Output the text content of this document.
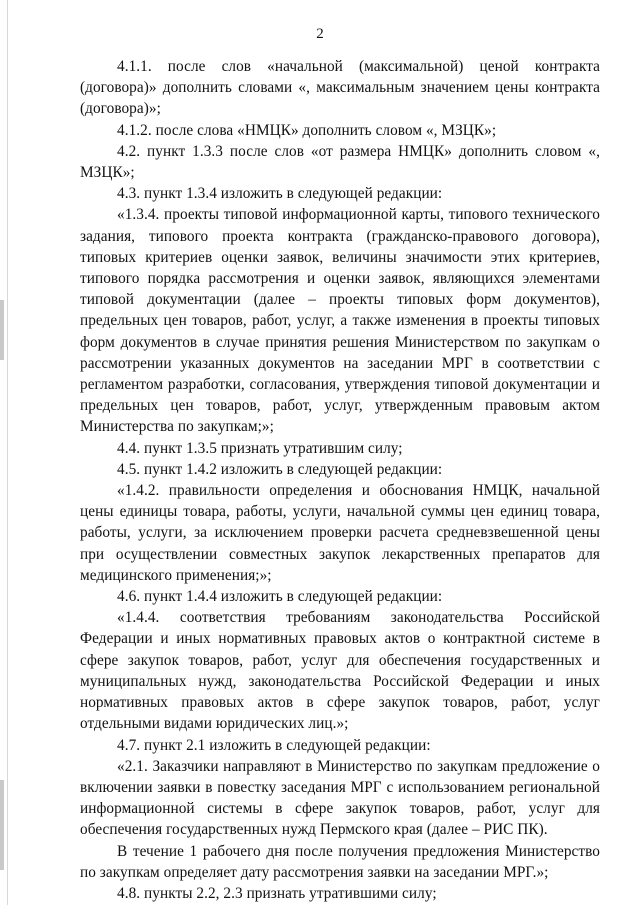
2

4.1.1. после слов «начальной (максимальной) ценой контракта (договора)» дополнить словами «, максимальным значением цены контракта (договора)»;

4.1.2. после слова «НМЦК» дополнить словом «, МЗЦК»;

4.2. пункт 1.3.3 после слов «от размера НМЦК» дополнить словом «, МЗЦК»;

4.3. пункт 1.3.4 изложить в следующей редакции:

«1.3.4. проекты типовой информационной карты, типового технического задания, типового проекта контракта (гражданско-правового договора), типовых критериев оценки заявок, величины значимости этих критериев, типового порядка рассмотрения и оценки заявок, являющихся элементами типовой документации (далее – проекты типовых форм документов), предельных цен товаров, работ, услуг, а также изменения в проекты типовых форм документов в случае принятия решения Министерством по закупкам о рассмотрении указанных документов на заседании МРГ в соответствии с регламентом разработки, согласования, утверждения типовой документации и предельных цен товаров, работ, услуг, утвержденным правовым актом Министерства по закупкам;»;

4.4. пункт 1.3.5 признать утратившим силу;

4.5. пункт 1.4.2 изложить в следующей редакции:

«1.4.2. правильности определения и обоснования НМЦК, начальной цены единицы товара, работы, услуги, начальной суммы цен единиц товара, работы, услуги, за исключением проверки расчета средневзвешенной цены при осуществлении совместных закупок лекарственных препаратов для медицинского применения;»;

4.6. пункт 1.4.4 изложить в следующей редакции:

«1.4.4. соответствия требованиям законодательства Российской Федерации и иных нормативных правовых актов о контрактной системе в сфере закупок товаров, работ, услуг для обеспечения государственных и муниципальных нужд, законодательства Российской Федерации и иных нормативных правовых актов в сфере закупок товаров, работ, услуг отдельными видами юридических лиц.»;

4.7. пункт 2.1 изложить в следующей редакции:

«2.1. Заказчики направляют в Министерство по закупкам предложение о включении заявки в повестку заседания МРГ с использованием региональной информационной системы в сфере закупок товаров, работ, услуг для обеспечения государственных нужд Пермского края (далее – РИС ПК).

В течение 1 рабочего дня после получения предложения Министерство по закупкам определяет дату рассмотрения заявки на заседании МРГ.»;

4.8. пункты 2.2, 2.3 признать утратившими силу;
